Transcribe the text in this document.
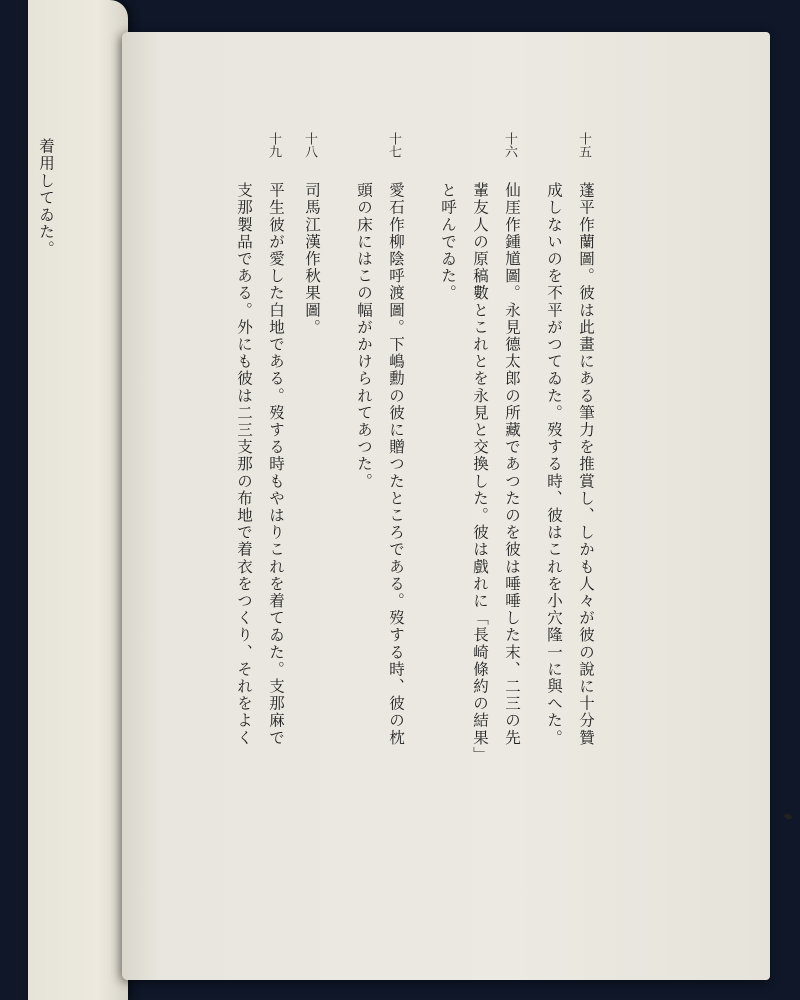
着用してゐた。	十五
蓬平作蘭圖。彼は此畫にある筆力を推賞し、しかも人々が彼の說に十分贊
成しないのを不平がつてゐた。歿する時、彼はこれを小穴隆一に與へた。
十六
仙厓作鍾馗圖。永見德太郎の所藏であつたのを彼は唾唾した末、二三の先
輩友人の原稿數とこれとを永見と交換した。彼は戲れに「長崎條約の結果」
と呼んでゐた。
十七
愛石作柳陰呼渡圖。下嶋勳の彼に贈つたところである。歿する時、彼の枕
頭の床にはこの幅がかけられてあつた。
十八
司馬江漢作秋果圖。
十九
平生彼が愛した白地である。歿する時もやはりこれを着てゐた。支那麻で
支那製品である。外にも彼は二三支那の布地で着衣をつくり、それをよく
